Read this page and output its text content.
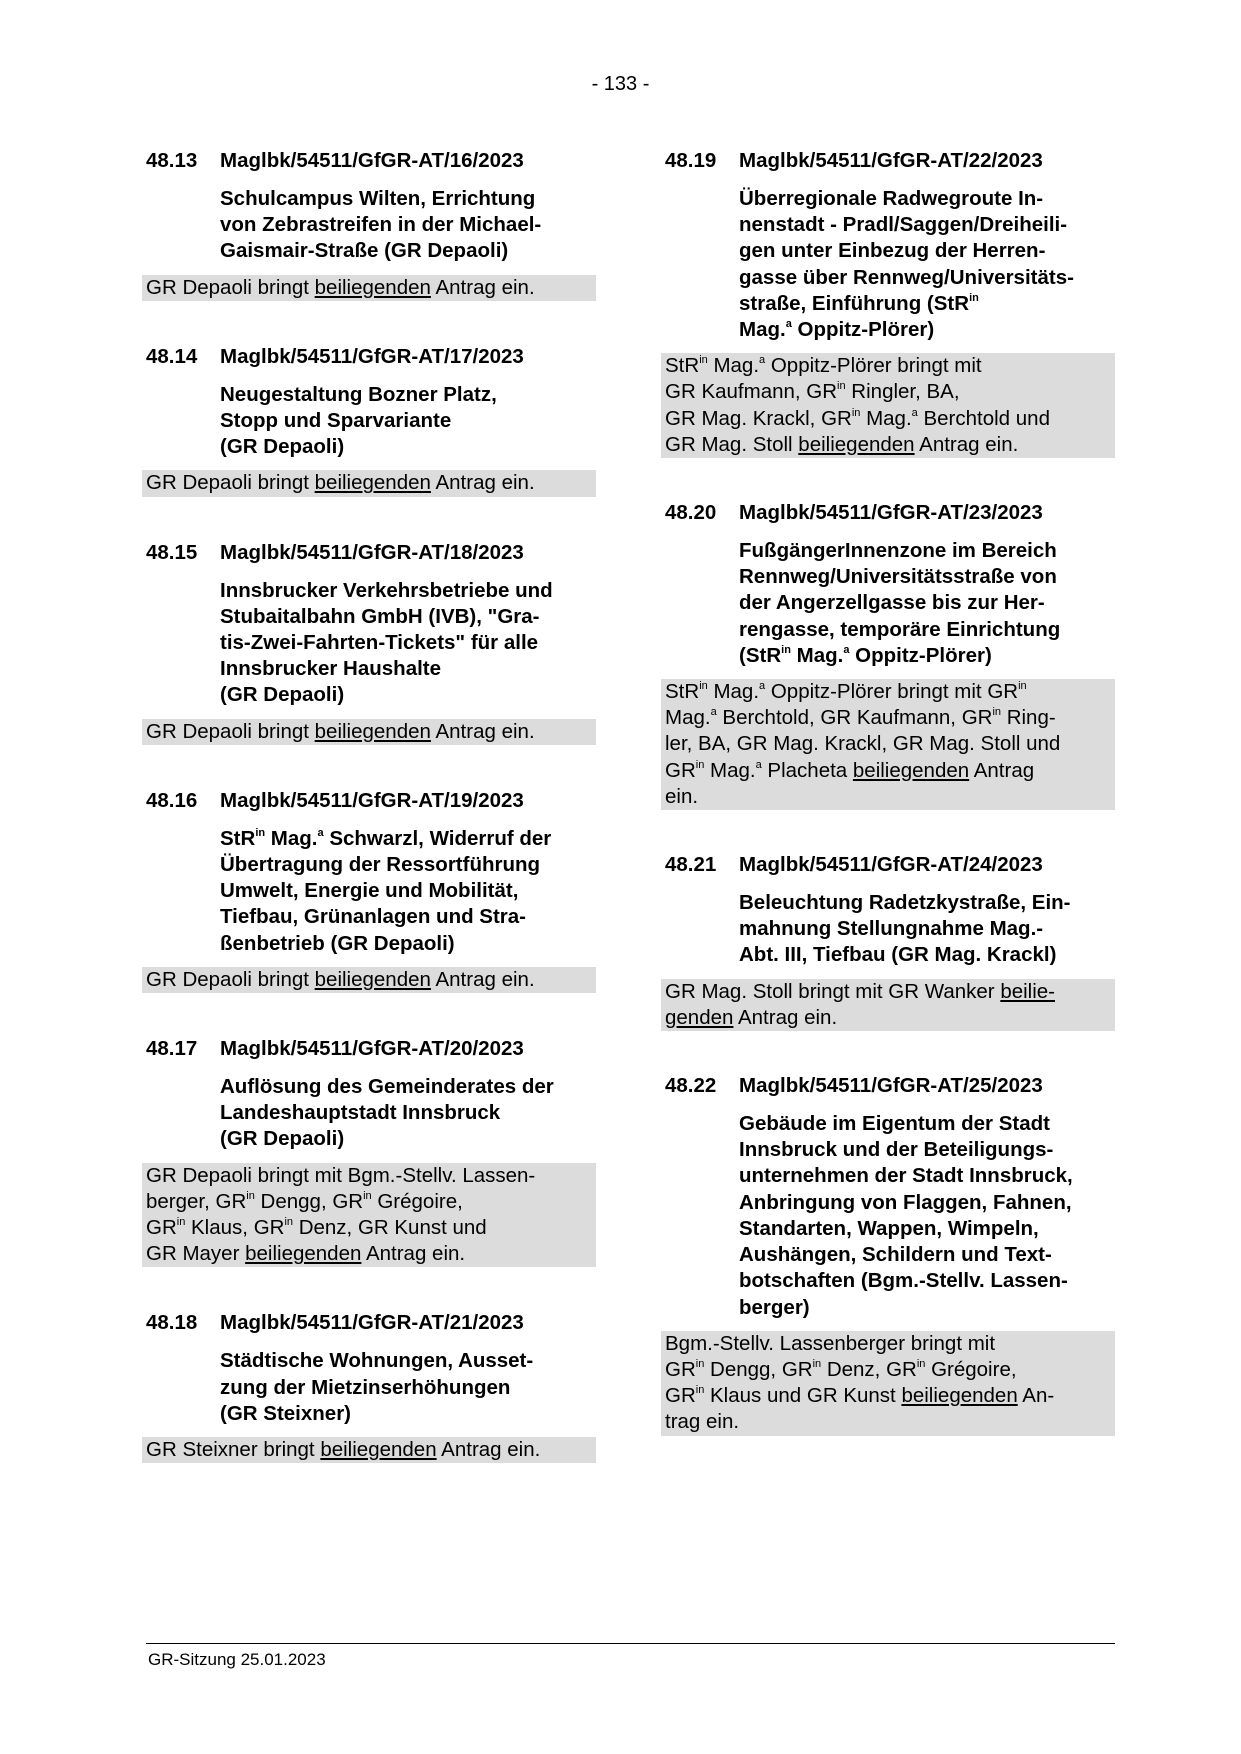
- 133 -
48.13	Maglbk/54511/GfGR-AT/16/2023
Schulcampus Wilten, Errichtung
von Zebrastreifen in der Michael-
Gaismair-Straße (GR Depaoli)
GR Depaoli bringt beiliegenden Antrag ein.
48.14	Maglbk/54511/GfGR-AT/17/2023
Neugestaltung Bozner Platz,
Stopp und Sparvariante
(GR Depaoli)
GR Depaoli bringt beiliegenden Antrag ein.
48.15	Maglbk/54511/GfGR-AT/18/2023
Innsbrucker Verkehrsbetriebe und
Stubaitalbahn GmbH (IVB), "Gra-
tis-Zwei-Fahrten-Tickets" für alle
Innsbrucker Haushalte
(GR Depaoli)
GR Depaoli bringt beiliegenden Antrag ein.
48.16	Maglbk/54511/GfGR-AT/19/2023
StR$^{in}$ Mag.$^a$ Schwarzl, Widerruf der
Übertragung der Ressortführung
Umwelt, Energie und Mobilität,
Tiefbau, Grünanlagen und Stra-
ßenbetrieb (GR Depaoli)
GR Depaoli bringt beiliegenden Antrag ein.
48.17	Maglbk/54511/GfGR-AT/20/2023
Auflösung des Gemeinderates der
Landeshauptstadt Innsbruck
(GR Depaoli)
GR Depaoli bringt mit Bgm.-Stellv. Lassen-
berger, $GR^{in}$ Dengg, $GR^{in}$ Grégoire,
$GR^{in}$ Klaus, $GR^{in}$ Denz, GR Kunst und
GR Mayer beiliegenden Antrag ein.
48.18	Maglbk/54511/GfGR-AT/21/2023
Städtische Wohnungen, Ausset-
zung der Mietzinserhöhungen
(GR Steixner)
GR Steixner bringt beiliegenden Antrag ein.
48.19	Maglbk/54511/GfGR-AT/22/2023
Überregionale Radwegroute In-
nenstadt - Pradl/Saggen/Dreiheili-
gen unter Einbezug der Herren-
gasse über Rennweg/Universitäts-
straße, Einführung (StR$^{in}$
Mag.$^a$ Oppitz-Plörer)
StR$^{in}$ Mag.$^a$ Oppitz-Plörer bringt mit
GR Kaufmann, $GR^{in}$ Ringler, BA,
GR Mag. Krackl, $GR^{in}$ Mag.$^a$ Berchtold und
GR Mag. Stoll beiliegenden Antrag ein.
48.20	Maglbk/54511/GfGR-AT/23/2023
FußgängerInnenzone im Bereich
Rennweg/Universitätsstraße von
der Angerzellgasse bis zur Her-
rengasse, temporäre Einrichtung
(StR$^{in}$ Mag.$^a$ Oppitz-Plörer)
StR$^{in}$ Mag.$^a$ Oppitz-Plörer bringt mit $GR^{in}$
Mag.$^a$ Berchtold, GR Kaufmann, $GR^{in}$ Ring-
ler, BA, GR Mag. Krackl, GR Mag. Stoll und
$GR^{in}$ Mag.$^a$ Placheta beiliegenden Antrag
ein.
48.21	Maglbk/54511/GfGR-AT/24/2023
Beleuchtung Radetzkystraße, Ein-
mahnung Stellungnahme Mag.-
Abt. III, Tiefbau (GR Mag. Krackl)
GR Mag. Stoll bringt mit GR Wanker beilie-
genden Antrag ein.
48.22	Maglbk/54511/GfGR-AT/25/2023
Gebäude im Eigentum der Stadt
Innsbruck und der Beteiligungs-
unternehmen der Stadt Innsbruck,
Anbringung von Flaggen, Fahnen,
Standarten, Wappen, Wimpeln,
Aushängen, Schildern und Text-
botschaften (Bgm.-Stellv. Lassen-
berger)
Bgm.-Stellv. Lassenberger bringt mit
$GR^{in}$ Dengg, $GR^{in}$ Denz, $GR^{in}$ Grégoire,
$GR^{in}$ Klaus und GR Kunst beiliegenden An-
trag ein.
GR-Sitzung 25.01.2023
